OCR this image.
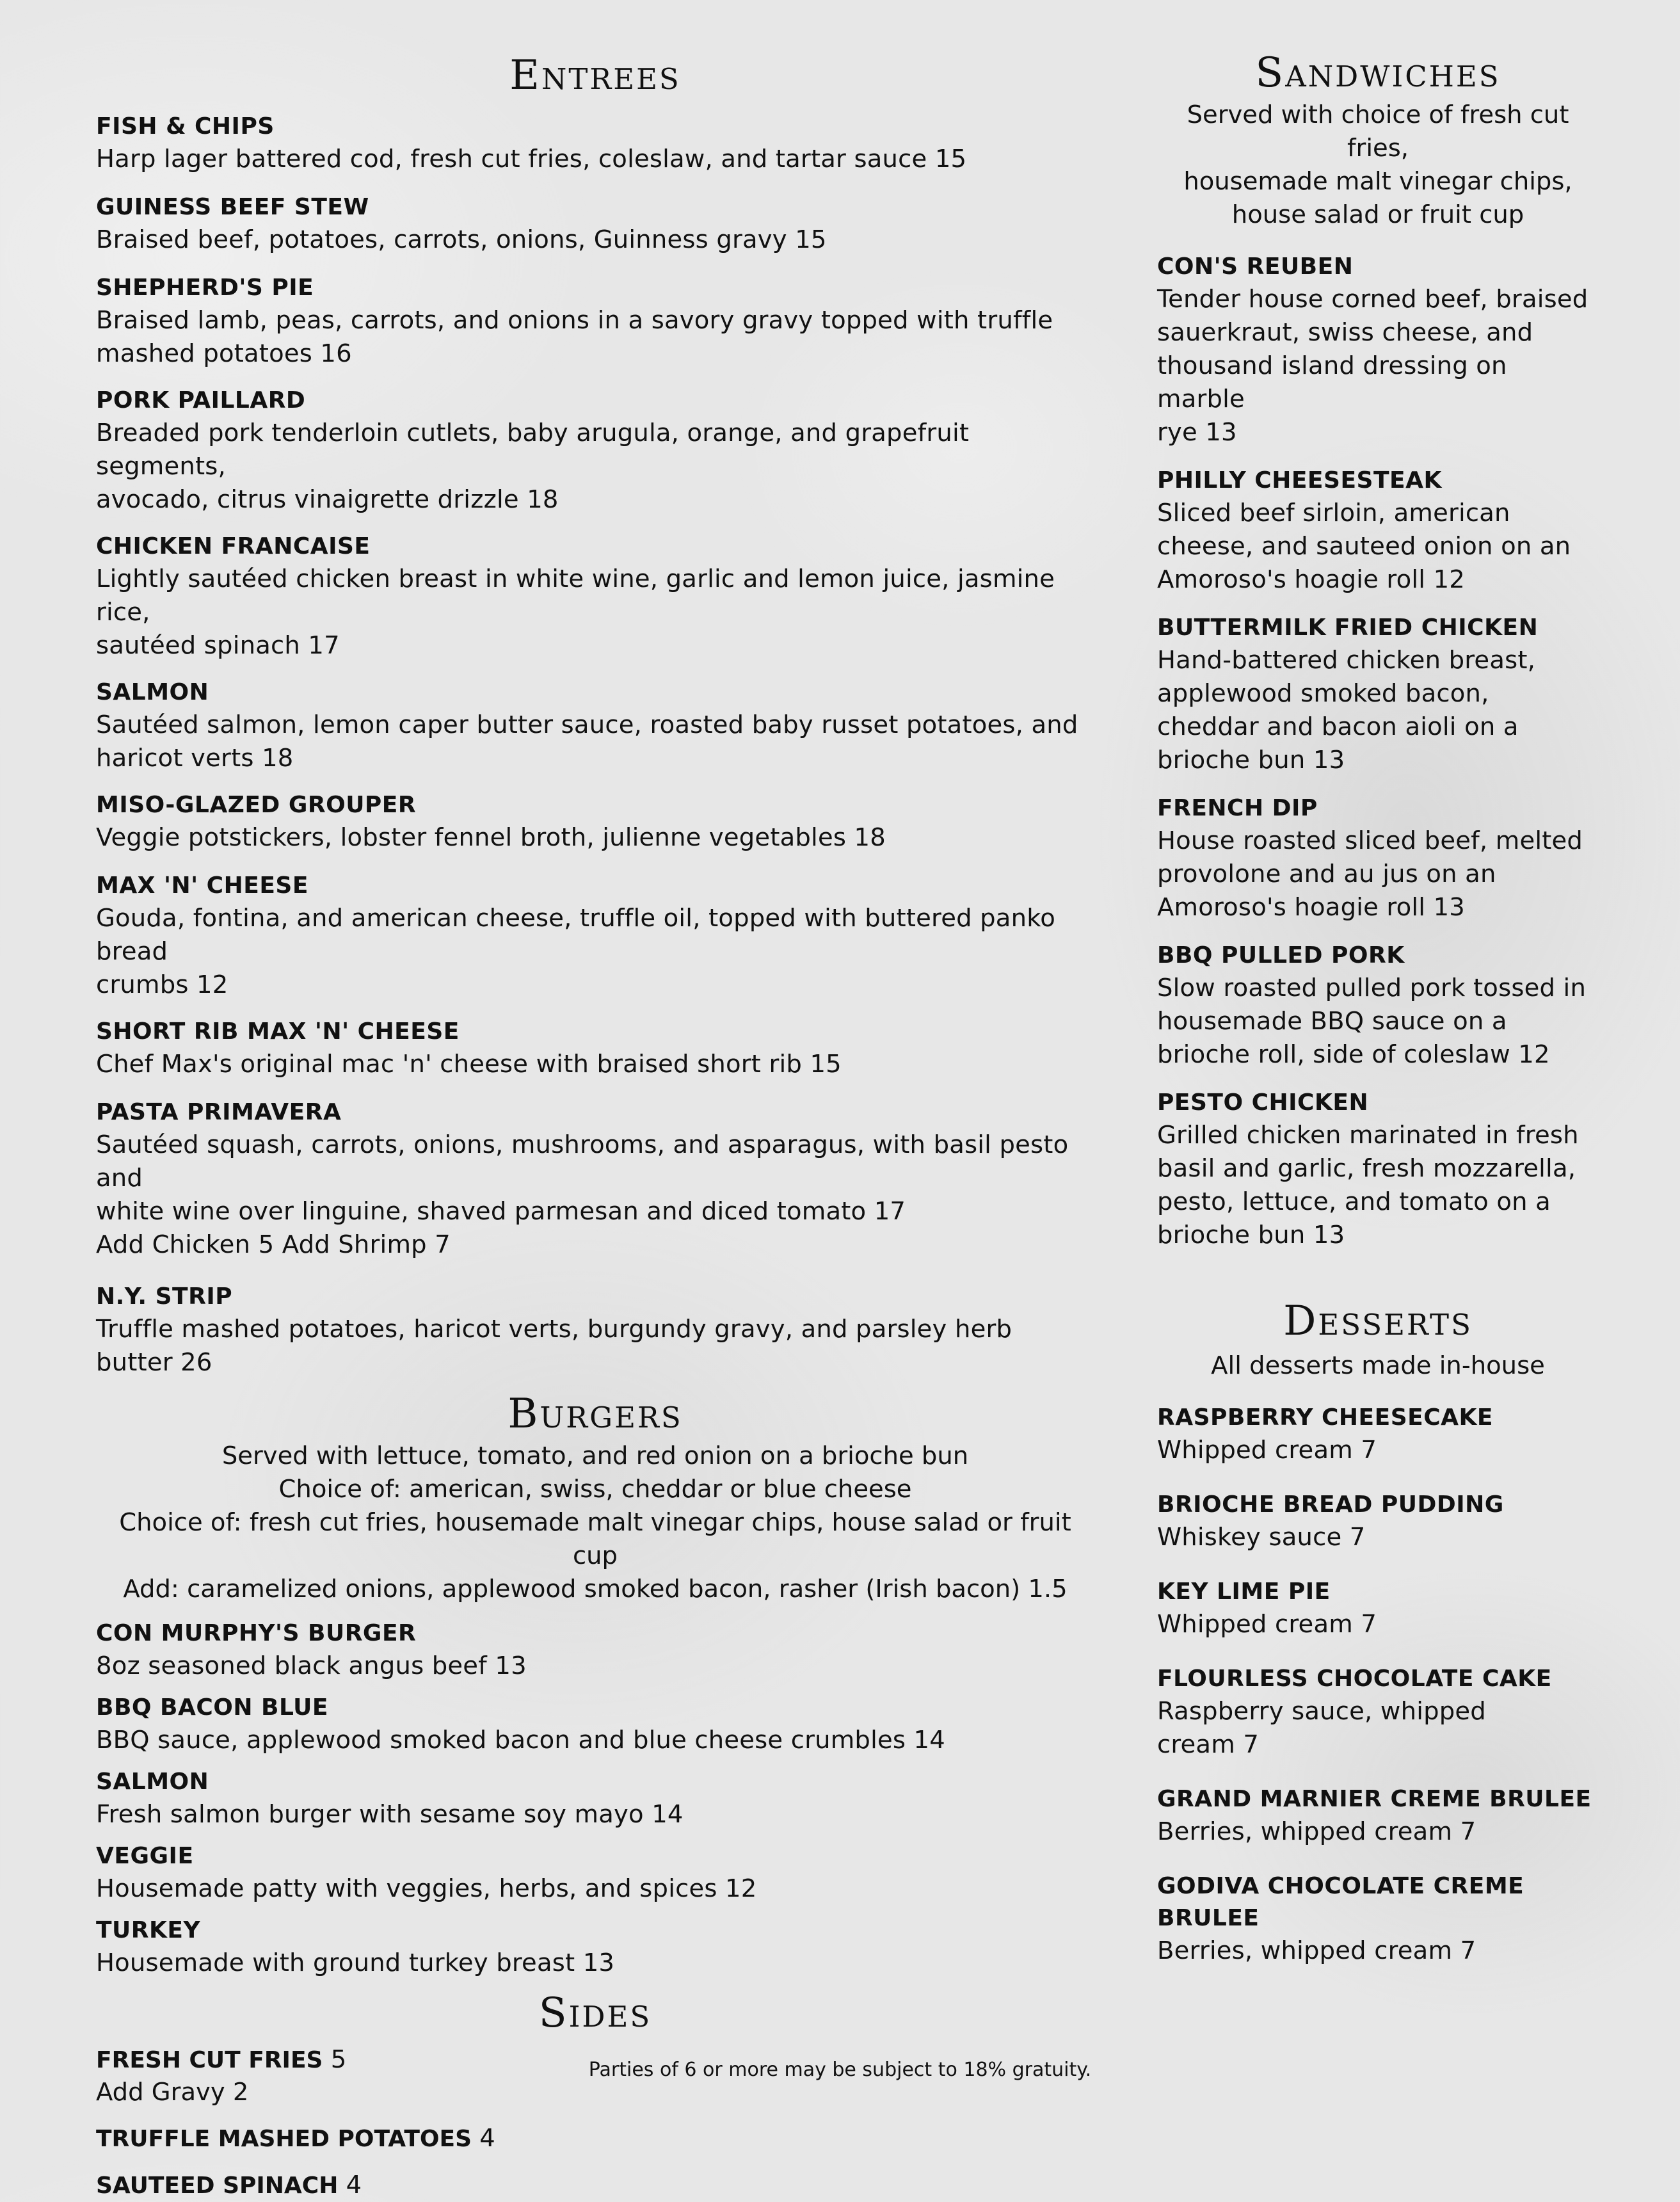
Entrees
FISH & CHIPS
Harp lager battered cod, fresh cut fries, coleslaw, and tartar sauce 15
GUINESS BEEF STEW
Braised beef, potatoes, carrots, onions, Guinness gravy 15
SHEPHERD'S PIE
Braised lamb, peas, carrots, and onions in a savory gravy topped with truffle
mashed potatoes 16
PORK PAILLARD
Breaded pork tenderloin cutlets, baby arugula, orange, and grapefruit segments,
avocado, citrus vinaigrette drizzle 18
CHICKEN FRANCAISE
Lightly sautéed chicken breast in white wine, garlic and lemon juice, jasmine rice,
sautéed spinach 17
SALMON
Sautéed salmon, lemon caper butter sauce, roasted baby russet potatoes, and
haricot verts 18
MISO-GLAZED GROUPER
Veggie potstickers, lobster fennel broth, julienne vegetables 18
MAX 'N' CHEESE
Gouda, fontina, and american cheese, truffle oil, topped with buttered panko bread
crumbs 12
SHORT RIB MAX 'N' CHEESE
Chef Max's original mac 'n' cheese with braised short rib 15
PASTA PRIMAVERA
Sautéed squash, carrots, onions, mushrooms, and asparagus, with basil pesto and
white wine over linguine, shaved parmesan and diced tomato 17
Add Chicken 5 Add Shrimp 7
N.Y. STRIP
Truffle mashed potatoes, haricot verts, burgundy gravy, and parsley herb butter 26
Burgers
Served with lettuce, tomato, and red onion on a brioche bun
Choice of: american, swiss, cheddar or blue cheese
Choice of: fresh cut fries, housemade malt vinegar chips, house salad or fruit cup
Add: caramelized onions, applewood smoked bacon, rasher (Irish bacon) 1.5
CON MURPHY'S BURGER
8oz seasoned black angus beef 13
BBQ BACON BLUE
BBQ sauce, applewood smoked bacon and blue cheese crumbles 14
SALMON
Fresh salmon burger with sesame soy mayo 14
VEGGIE
Housemade patty with veggies, herbs, and spices 12
TURKEY
Housemade with ground turkey breast 13
Sides
FRESH CUT FRIES 5
Add Gravy 2
TRUFFLE MASHED POTATOES 4
SAUTEED SPINACH 4
Sandwiches
Served with choice of fresh cut fries,
housemade malt vinegar chips,
house salad or fruit cup
CON'S REUBEN
Tender house corned beef, braised
sauerkraut, swiss cheese, and
thousand island dressing on marble
rye 13
PHILLY CHEESESTEAK
Sliced beef sirloin, american
cheese, and sauteed onion on an
Amoroso's hoagie roll 12
BUTTERMILK FRIED CHICKEN
Hand-battered chicken breast,
applewood smoked bacon,
cheddar and bacon aioli on a
brioche bun 13
FRENCH DIP
House roasted sliced beef, melted
provolone and au jus on an
Amoroso's hoagie roll 13
BBQ PULLED PORK
Slow roasted pulled pork tossed in
housemade BBQ sauce on a
brioche roll, side of coleslaw 12
PESTO CHICKEN
Grilled chicken marinated in fresh
basil and garlic, fresh mozzarella,
pesto, lettuce, and tomato on a
brioche bun 13
Desserts
All desserts made in-house
RASPBERRY CHEESECAKE
Whipped cream 7
BRIOCHE BREAD PUDDING
Whiskey sauce 7
KEY LIME PIE
Whipped cream 7
FLOURLESS CHOCOLATE CAKE
Raspberry sauce, whipped
cream 7
GRAND MARNIER CREME BRULEE
Berries, whipped cream 7
GODIVA CHOCOLATE CREME
BRULEE
Berries, whipped cream 7
Parties of 6 or more may be subject to 18% gratuity.
